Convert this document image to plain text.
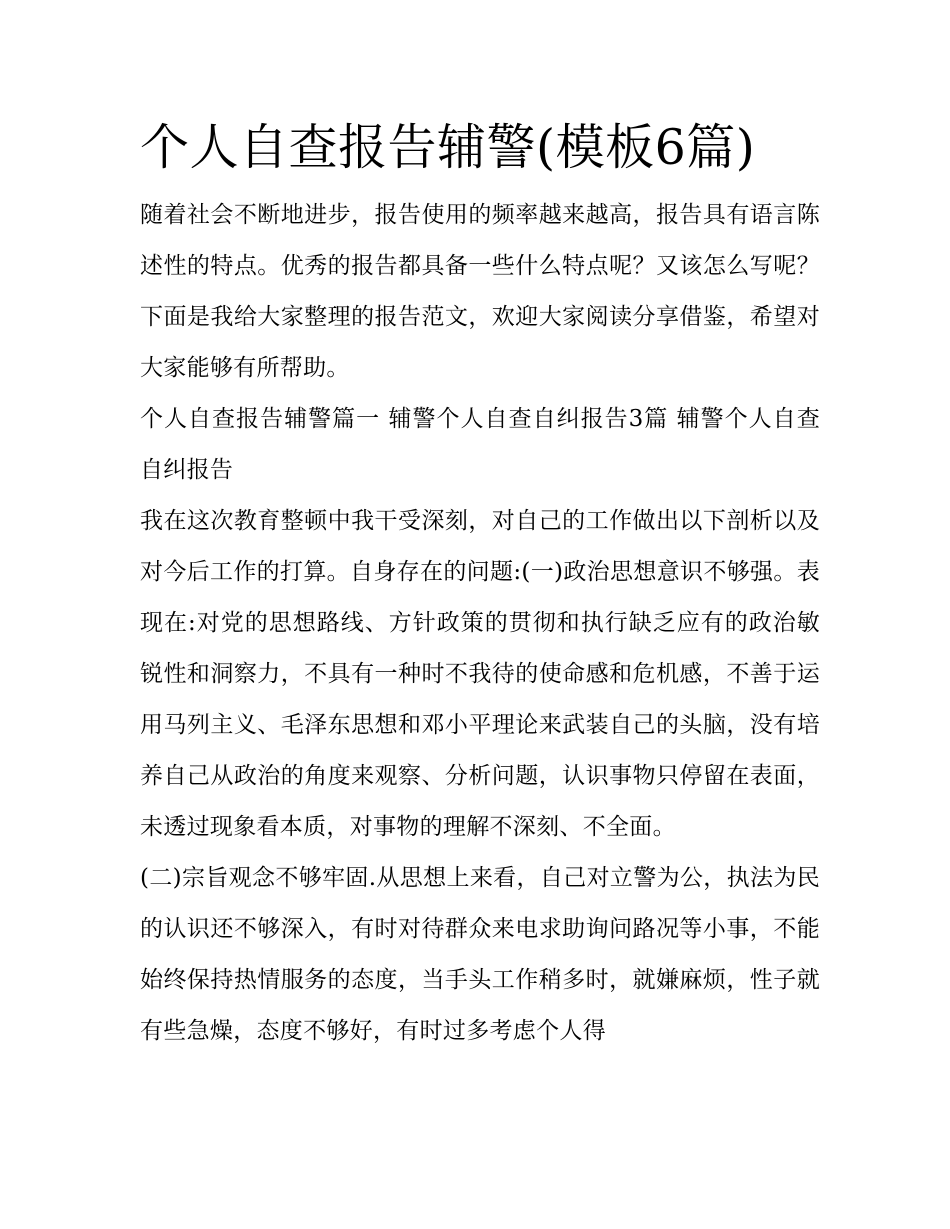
个人自查报告辅警(模板6篇)

随着社会不断地进步，报告使用的频率越来越高，报告具有语言陈述性的特点。优秀的报告都具备一些什么特点呢？又该怎么写呢？下面是我给大家整理的报告范文，欢迎大家阅读分享借鉴，希望对大家能够有所帮助。

个人自查报告辅警篇一 辅警个人自查自纠报告3篇 辅警个人自查自纠报告

我在这次教育整顿中我干受深刻，对自己的工作做出以下剖析以及对今后工作的打算。自身存在的问题:(一)政治思想意识不够强。表现在:对党的思想路线、方针政策的贯彻和执行缺乏应有的政治敏锐性和洞察力，不具有一种时不我待的使命感和危机感，不善于运用马列主义、毛泽东思想和邓小平理论来武装自己的头脑，没有培养自己从政治的角度来观察、分析问题，认识事物只停留在表面，未透过现象看本质，对事物的理解不深刻、不全面。

(二)宗旨观念不够牢固.从思想上来看，自己对立警为公，执法为民的认识还不够深入，有时对待群众来电求助询问路况等小事，不能始终保持热情服务的态度，当手头工作稍多时，就嫌麻烦，性子就有些急燥，态度不够好，有时过多考虑个人得
